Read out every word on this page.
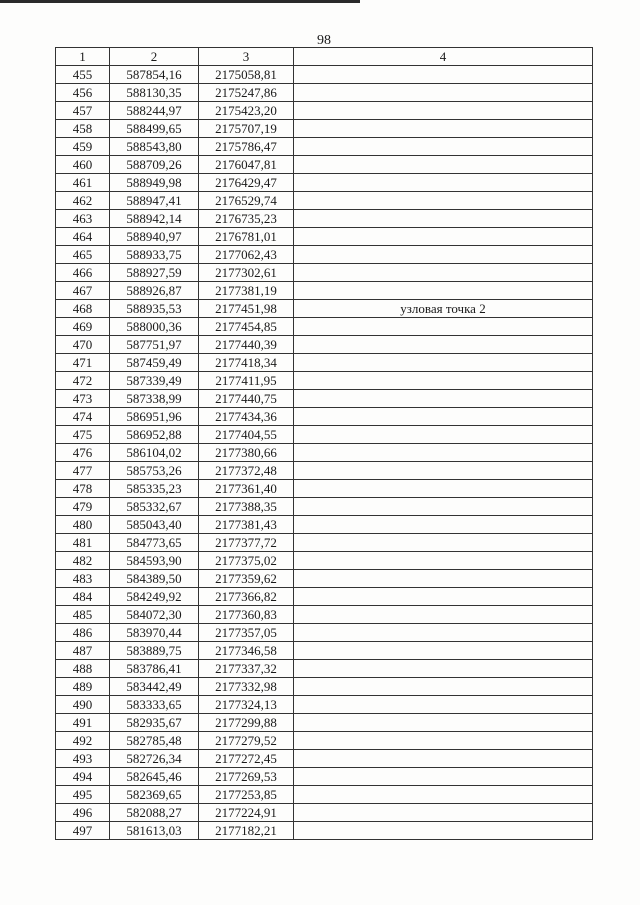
98
1	2	3	4
455	587854,16	2175058,81	
456	588130,35	2175247,86	
457	588244,97	2175423,20	
458	588499,65	2175707,19	
459	588543,80	2175786,47	
460	588709,26	2176047,81	
461	588949,98	2176429,47	
462	588947,41	2176529,74	
463	588942,14	2176735,23	
464	588940,97	2176781,01	
465	588933,75	2177062,43	
466	588927,59	2177302,61	
467	588926,87	2177381,19	
468	588935,53	2177451,98	узловая точка 2
469	588000,36	2177454,85	
470	587751,97	2177440,39	
471	587459,49	2177418,34	
472	587339,49	2177411,95	
473	587338,99	2177440,75	
474	586951,96	2177434,36	
475	586952,88	2177404,55	
476	586104,02	2177380,66	
477	585753,26	2177372,48	
478	585335,23	2177361,40	
479	585332,67	2177388,35	
480	585043,40	2177381,43	
481	584773,65	2177377,72	
482	584593,90	2177375,02	
483	584389,50	2177359,62	
484	584249,92	2177366,82	
485	584072,30	2177360,83	
486	583970,44	2177357,05	
487	583889,75	2177346,58	
488	583786,41	2177337,32	
489	583442,49	2177332,98	
490	583333,65	2177324,13	
491	582935,67	2177299,88	
492	582785,48	2177279,52	
493	582726,34	2177272,45	
494	582645,46	2177269,53	
495	582369,65	2177253,85	
496	582088,27	2177224,91	
497	581613,03	2177182,21	
